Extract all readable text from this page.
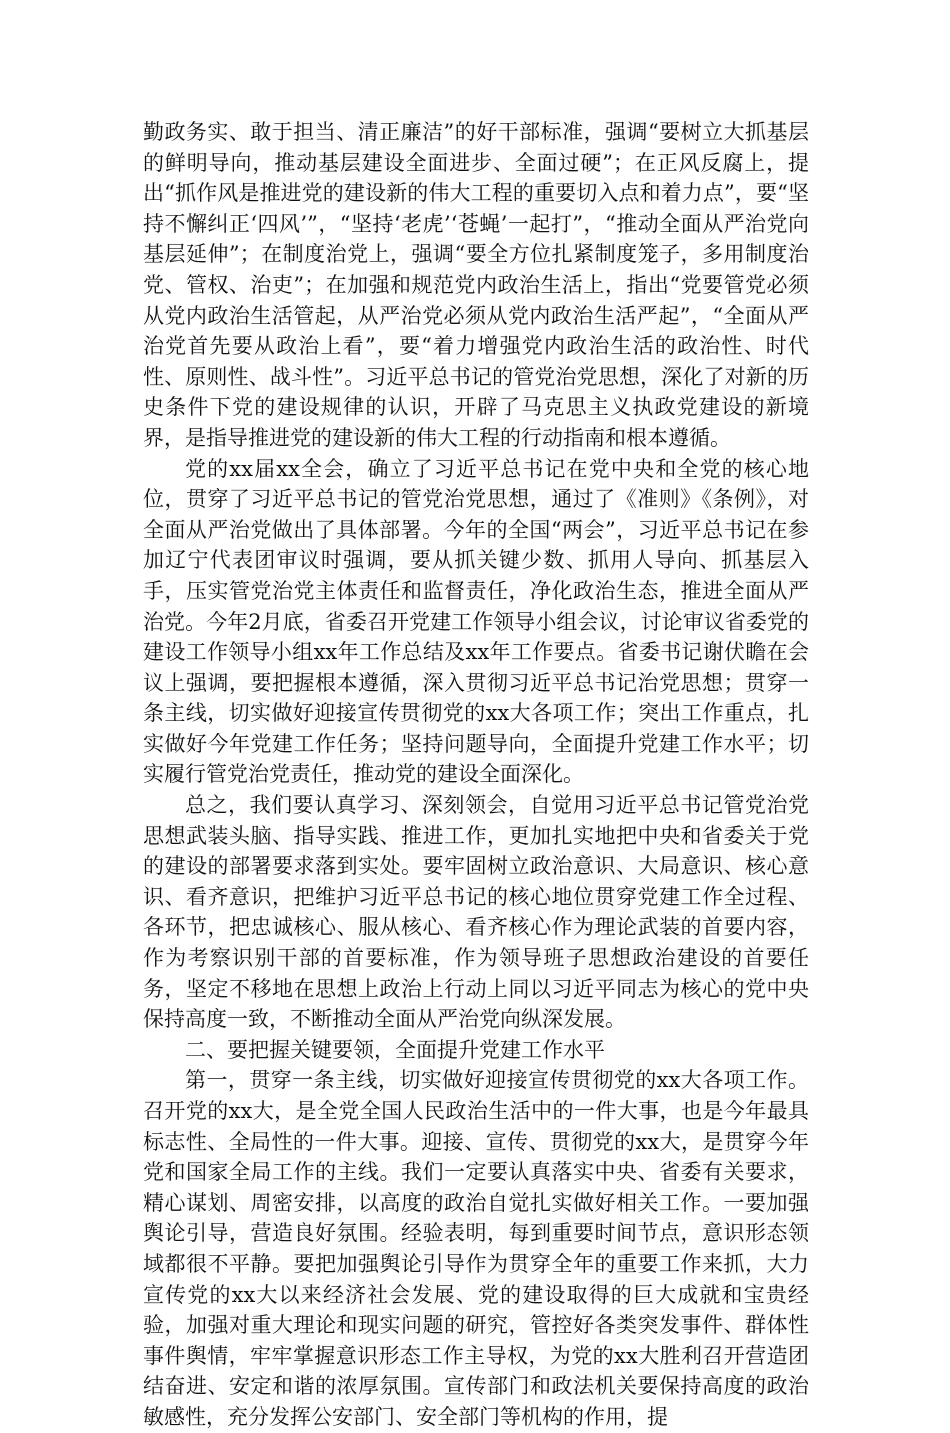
勤政务实、敢于担当、清正廉洁”的好干部标准，强调“要树立大抓基层的鲜明导向，推动基层建设全面进步、全面过硬”；在正风反腐上，提出“抓作风是推进党的建设新的伟大工程的重要切入点和着力点”，要“坚持不懈纠正‘四风’”，“坚持‘老虎’‘苍蝇’一起打”，“推动全面从严治党向基层延伸”；在制度治党上，强调“要全方位扎紧制度笼子，多用制度治党、管权、治吏”；在加强和规范党内政治生活上，指出“党要管党必须从党内政治生活管起，从严治党必须从党内政治生活严起”，“全面从严治党首先要从政治上看”，要“着力增强党内政治生活的政治性、时代性、原则性、战斗性”。习近平总书记的管党治党思想，深化了对新的历史条件下党的建设规律的认识，开辟了马克思主义执政党建设的新境界，是指导推进党的建设新的伟大工程的行动指南和根本遵循。

党的xx届xx全会，确立了习近平总书记在党中央和全党的核心地位，贯穿了习近平总书记的管党治党思想，通过了《准则》《条例》，对全面从严治党做出了具体部署。今年的全国“两会”，习近平总书记在参加辽宁代表团审议时强调，要从抓关键少数、抓用人导向、抓基层入手，压实管党治党主体责任和监督责任，净化政治生态，推进全面从严治党。今年2月底，省委召开党建工作领导小组会议，讨论审议省委党的建设工作领导小组xx年工作总结及xx年工作要点。省委书记谢伏瞻在会议上强调，要把握根本遵循，深入贯彻习近平总书记治党思想；贯穿一条主线，切实做好迎接宣传贯彻党的xx大各项工作；突出工作重点，扎实做好今年党建工作任务；坚持问题导向，全面提升党建工作水平；切实履行管党治党责任，推动党的建设全面深化。

总之，我们要认真学习、深刻领会，自觉用习近平总书记管党治党思想武装头脑、指导实践、推进工作，更加扎实地把中央和省委关于党的建设的部署要求落到实处。要牢固树立政治意识、大局意识、核心意识、看齐意识，把维护习近平总书记的核心地位贯穿党建工作全过程、各环节，把忠诚核心、服从核心、看齐核心作为理论武装的首要内容，作为考察识别干部的首要标准，作为领导班子思想政治建设的首要任务，坚定不移地在思想上政治上行动上同以习近平同志为核心的党中央保持高度一致，不断推动全面从严治党向纵深发展。

二、要把握关键要领，全面提升党建工作水平

第一，贯穿一条主线，切实做好迎接宣传贯彻党的xx大各项工作。召开党的xx大，是全党全国人民政治生活中的一件大事，也是今年最具标志性、全局性的一件大事。迎接、宣传、贯彻党的xx大，是贯穿今年党和国家全局工作的主线。我们一定要认真落实中央、省委有关要求，精心谋划、周密安排，以高度的政治自觉扎实做好相关工作。一要加强舆论引导，营造良好氛围。经验表明，每到重要时间节点，意识形态领域都很不平静。要把加强舆论引导作为贯穿全年的重要工作来抓，大力宣传党的xx大以来经济社会发展、党的建设取得的巨大成就和宝贵经验，加强对重大理论和现实问题的研究，管控好各类突发事件、群体性事件舆情，牢牢掌握意识形态工作主导权，为党的xx大胜利召开营造团结奋进、安定和谐的浓厚氛围。宣传部门和政法机关要保持高度的政治敏感性，充分发挥公安部门、安全部门等机构的作用，提
